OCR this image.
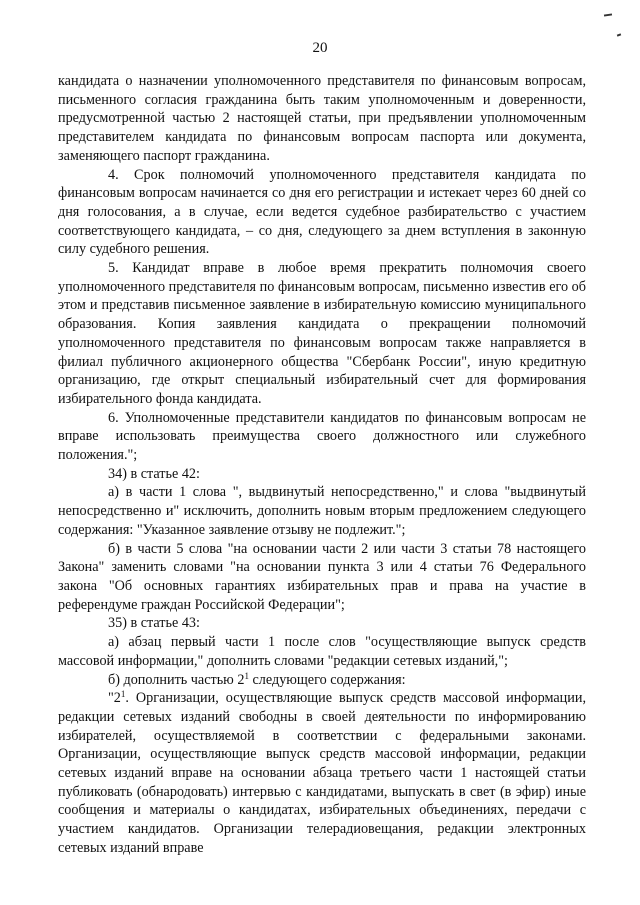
20

кандидата о назначении уполномоченного представителя по финансовым вопросам, письменного согласия гражданина быть таким уполномоченным и доверенности, предусмотренной частью 2 настоящей статьи, при предъявлении уполномоченным представителем кандидата по финансовым вопросам паспорта или документа, заменяющего паспорт гражданина.

4. Срок полномочий уполномоченного представителя кандидата по финансовым вопросам начинается со дня его регистрации и истекает через 60 дней со дня голосования, а в случае, если ведется судебное разбирательство с участием соответствующего кандидата, – со дня, следующего за днем вступления в законную силу судебного решения.

5. Кандидат вправе в любое время прекратить полномочия своего уполномоченного представителя по финансовым вопросам, письменно известив его об этом и представив письменное заявление в избирательную комиссию муниципального образования. Копия заявления кандидата о прекращении полномочий уполномоченного представителя по финансовым вопросам также направляется в филиал публичного акционерного общества "Сбербанк России", иную кредитную организацию, где открыт специальный избирательный счет для формирования избирательного фонда кандидата.

6. Уполномоченные представители кандидатов по финансовым вопросам не вправе использовать преимущества своего должностного или служебного положения.";

34) в статье 42:

а) в части 1 слова ", выдвинутый непосредственно," и слова "выдвинутый непосредственно и" исключить, дополнить новым вторым предложением следующего содержания: "Указанное заявление отзыву не подлежит.";

б) в части 5 слова "на основании части 2 или части 3 статьи 78 настоящего Закона" заменить словами "на основании пункта 3 или 4 статьи 76 Федерального закона "Об основных гарантиях избирательных прав и права на участие в референдуме граждан Российской Федерации";

35) в статье 43:

а) абзац первый части 1 после слов "осуществляющие выпуск средств массовой информации," дополнить словами "редакции сетевых изданий,";

б) дополнить частью $2^1$ следующего содержания:

"$2^1$. Организации, осуществляющие выпуск средств массовой информации, редакции сетевых изданий свободны в своей деятельности по информированию избирателей, осуществляемой в соответствии с федеральными законами. Организации, осуществляющие выпуск средств массовой информации, редакции сетевых изданий вправе на основании абзаца третьего части 1 настоящей статьи публиковать (обнародовать) интервью с кандидатами, выпускать в свет (в эфир) иные сообщения и материалы о кандидатах, избирательных объединениях, передачи с участием кандидатов. Организации телерадиовещания, редакции электронных сетевых изданий вправе
